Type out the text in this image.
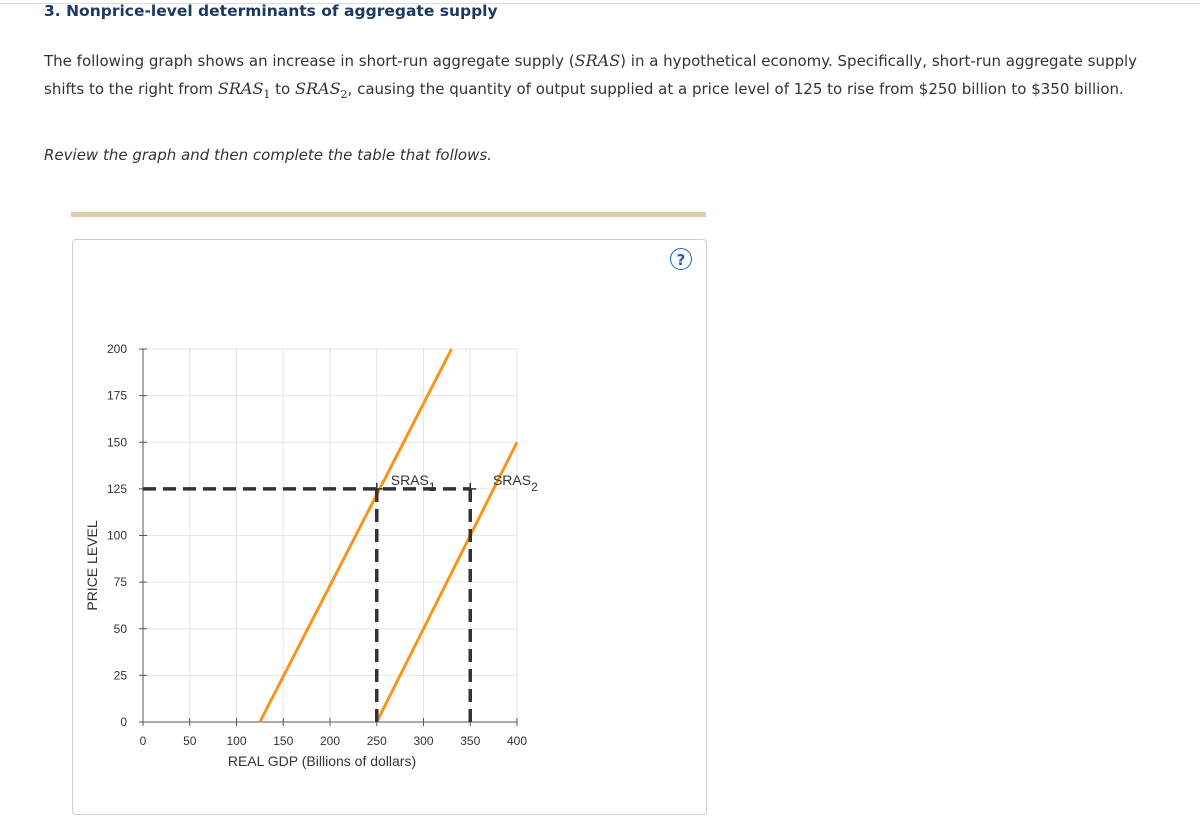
3. Nonprice-level determinants of aggregate supply
The following graph shows an increase in short-run aggregate supply (SRAS) in a hypothetical economy. Specifically, short-run aggregate supply shifts to the right from $SRAS_1$ to $SRAS_2$, causing the quantity of output supplied at a price level of 125 to rise from $250 billion to $350 billion.
Review the graph and then complete the table that follows.
?
0
25
50
75
100
125
150
175
200
0	50	100 150 200 250 300 350 400
REAL GDP (Billions of dollars)
PRICE LEVEL
SRAS1	SRAS2
